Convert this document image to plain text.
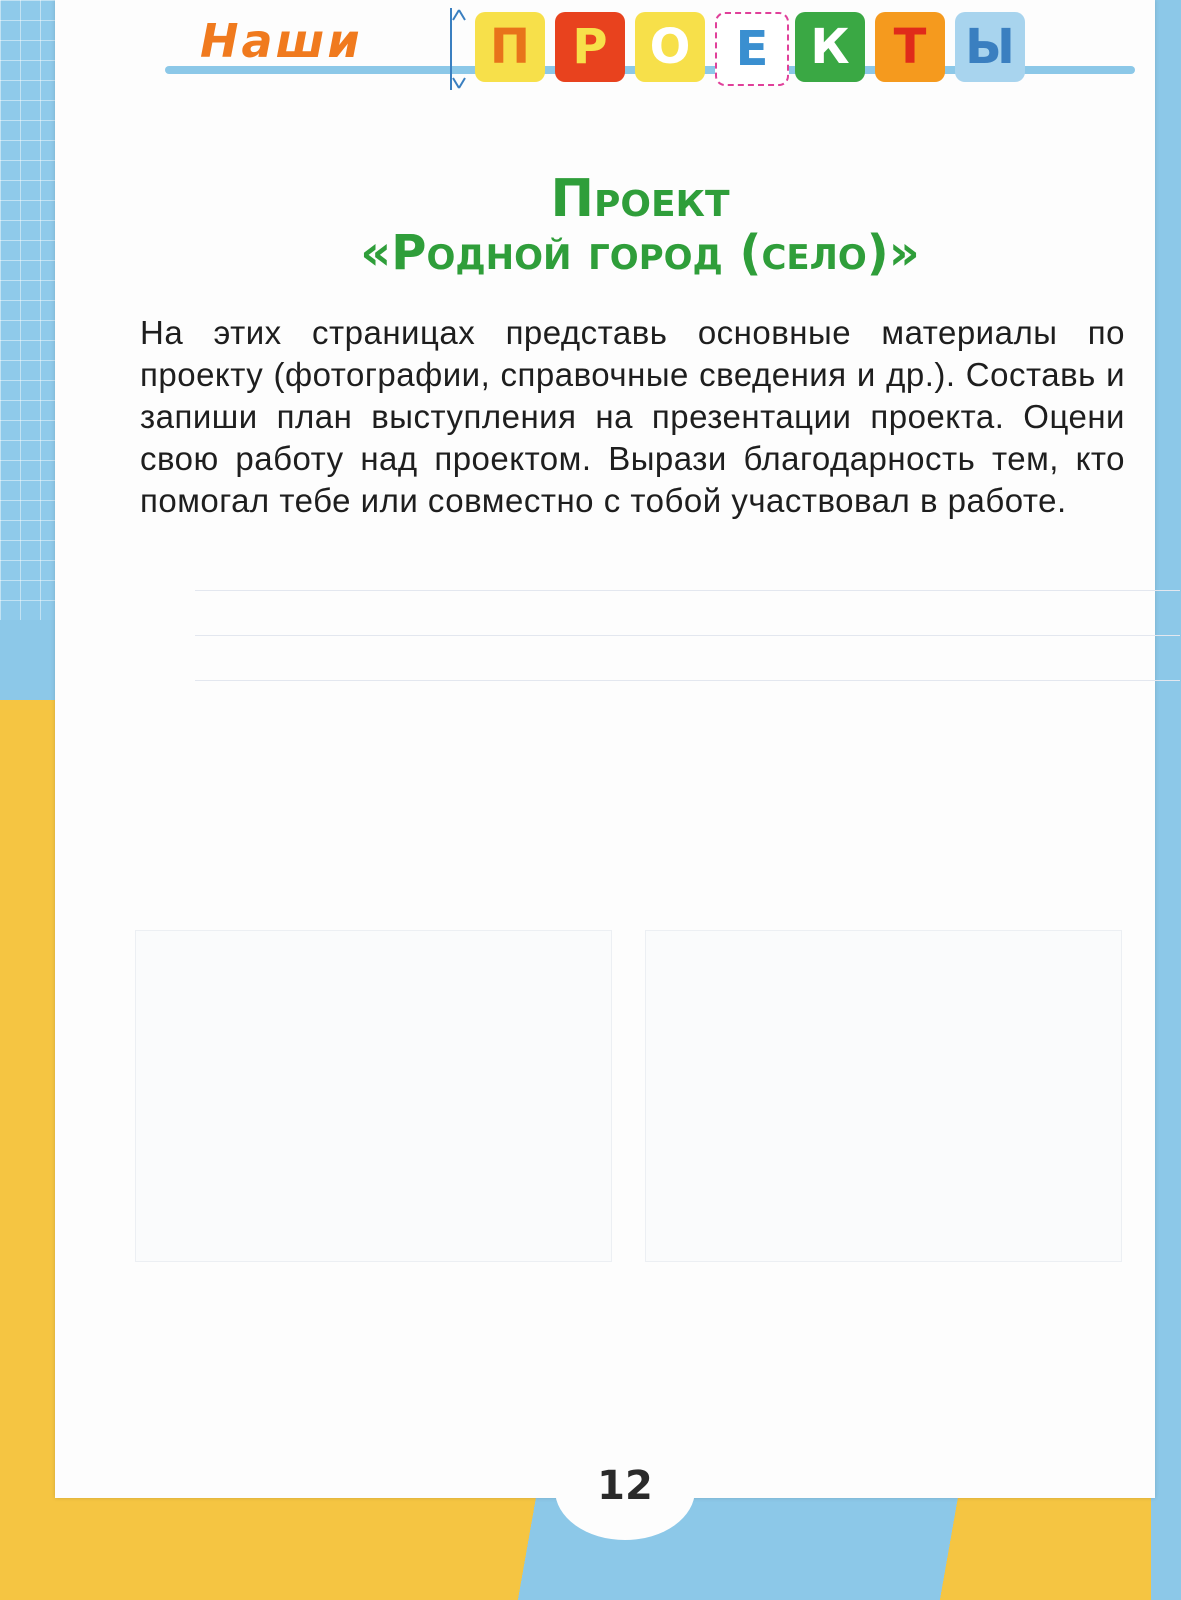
Наши	П Р О Е К Т Ы
Проект
«Родной город (село)»
На этих страницах представь основные материалы по проекту (фотографии, справочные сведения и др.). Составь и запиши план выступления на презентации проекта. Оцени свою работу над проектом. Вырази благодарность тем, кто помогал тебе или совместно с тобой участвовал в работе.
12
